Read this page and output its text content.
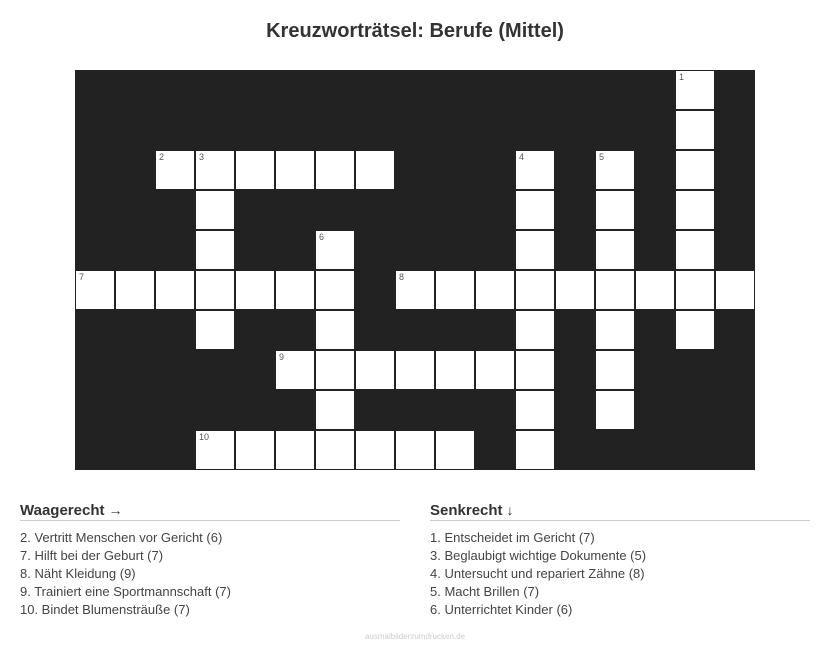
Kreuzworträtsel: Berufe (Mittel)
1
2	3	4	5
6
7	8
9
10
Waagerecht →
2. Vertritt Menschen vor Gericht (6)
7. Hilft bei der Geburt (7)
8. Näht Kleidung (9)
9. Trainiert eine Sportmannschaft (7)
10. Bindet Blumensträuße (7)
Senkrecht ↓
1. Entscheidet im Gericht (7)
3. Beglaubigt wichtige Dokumente (5)
4. Untersucht und repariert Zähne (8)
5. Macht Brillen (7)
6. Unterrichtet Kinder (6)
ausmalbilderzumdrucken.de
